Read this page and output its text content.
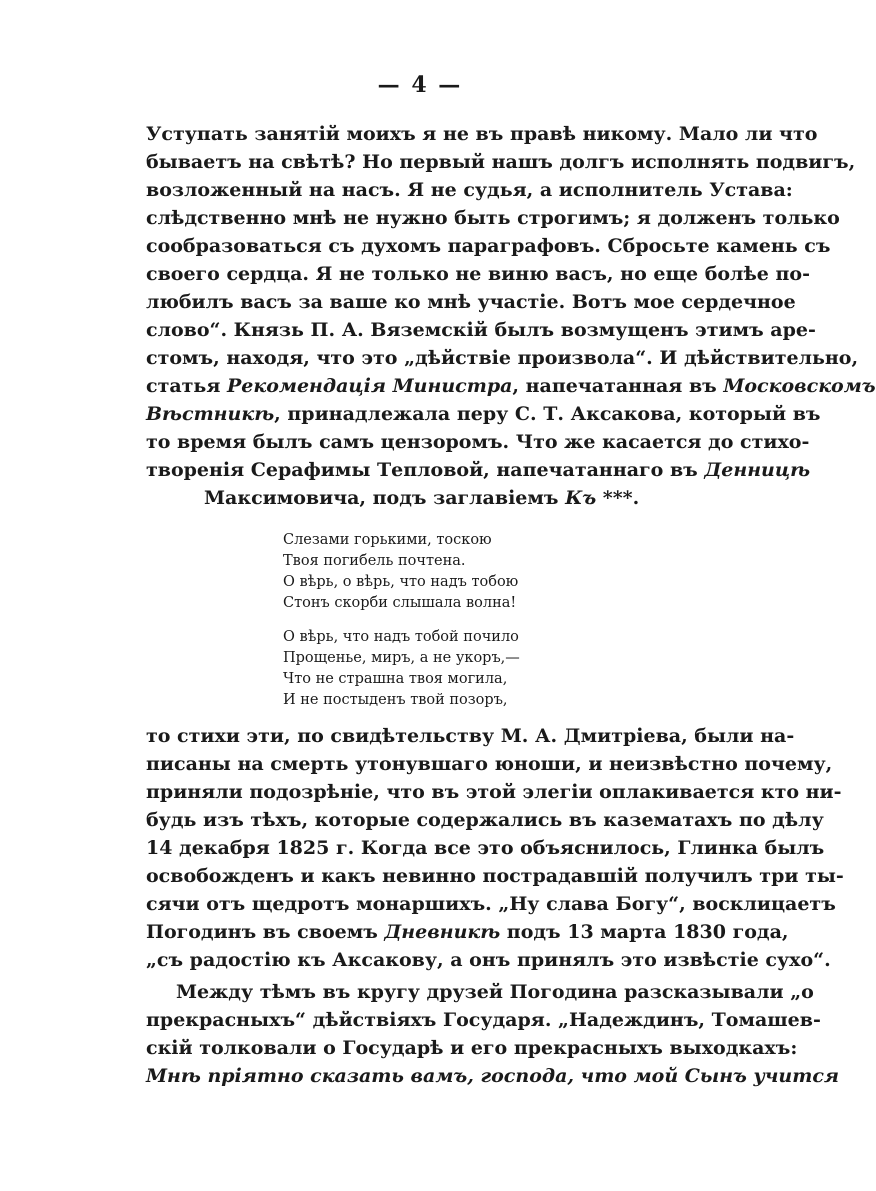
— 4 —
Уступать занятій моихъ я не въ правѣ никому. Мало ли что
бываетъ на свѣтѣ? Но первый нашъ долгъ исполнять подвигъ,
возложенный на насъ. Я не судья, а исполнитель Устава:
слѣдственно мнѣ не нужно быть строгимъ; я долженъ только
сообразоваться съ духомъ параграфовъ. Сбросьте камень съ
своего сердца. Я не только не виню васъ, но еще болѣе по-
любилъ васъ за ваше ко мнѣ участіе. Вотъ мое сердечное
слово“. Князь П. А. Вяземскій былъ возмущенъ этимъ аре-
стомъ, находя, что это „дѣйствіе произвола“. И дѣйствительно,
статья Рекомендація Министра, напечатанная въ Московскомъ
Вѣстникѣ, принадлежала перу С. Т. Аксакова, который въ
то время былъ самъ цензоромъ. Что же касается до стихо-
творенія Серафимы Тепловой, напечатаннаго въ Денницѣ
Максимовича, подъ заглавіемъ Къ ***.
Слезами горькими, тоскою
Твоя погибель почтена.
О вѣрь, о вѣрь, что надъ тобою
Стонъ скорби слышала волна!
О вѣрь, что надъ тобой почило
Прощенье, миръ, а не укоръ,—
Что не страшна твоя могила,
И не постыденъ твой позоръ,
то стихи эти, по свидѣтельству М. А. Дмитріева, были на-
писаны на смерть утонувшаго юноши, и неизвѣстно почему,
приняли подозрѣніе, что въ этой элегіи оплакивается кто ни-
будь изъ тѣхъ, которые содержались въ казематахъ по дѣлу
14 декабря 1825 г. Когда все это объяснилось, Глинка былъ
освобожденъ и какъ невинно пострадавшій получилъ три ты-
сячи отъ щедротъ монаршихъ. „Ну слава Богу“, восклицаетъ
Погодинъ въ своемъ Дневникѣ подъ 13 марта 1830 года,
„съ радостію къ Аксакову, а онъ принялъ это извѣстіе сухо“.
Между тѣмъ въ кругу друзей Погодина разсказывали „о
прекрасныхъ“ дѣйствіяхъ Государя. „Надеждинъ, Томашев-
скій толковали о Государѣ и его прекрасныхъ выходкахъ:
Мнѣ пріятно сказать вамъ, господа, что мой Сынъ учится
